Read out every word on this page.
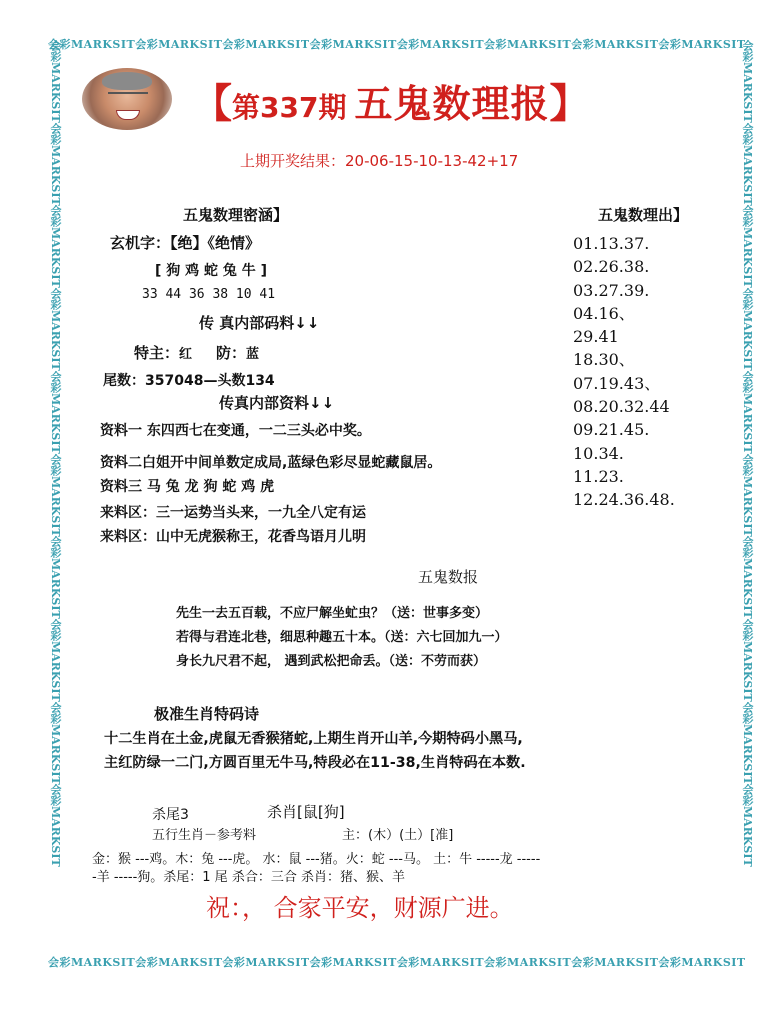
会彩MARKSIT会彩MARKSIT会彩MARKSIT会彩MARKSIT会彩MARKSIT会彩MARKSIT会彩MARKSIT会彩MARKSIT
会彩MARKSIT会彩MARKSIT会彩MARKSIT会彩MARKSIT会彩MARKSIT会彩MARKSIT会彩MARKSIT会彩MARKSIT
会彩MARKSIT
会彩MARKSIT
会彩MARKSIT
会彩MARKSIT
会彩MARKSIT
会彩MARKSIT
会彩MARKSIT
会彩MARKSIT
会彩MARKSIT
会彩MARKSIT
会彩MARKSIT
会彩MARKSIT
会彩MARKSIT
会彩MARKSIT
会彩MARKSIT
会彩MARKSIT
会彩MARKSIT
会彩MARKSIT
会彩MARKSIT
会彩MARKSIT
【第337期 五鬼数理报】
上期开奖结果：20-06-15-10-13-42+17
五鬼数理密涵】
玄机字：【绝】《绝情》
[ 狗 鸡 蛇 兔 牛 ]
33 44 36 38 10 41
传 真内部码料↓↓
特主：红 防：蓝
尾数：357048—头数134
传真内部资料↓↓
资料一 东四西七在变通，一二三头必中奖。
资料二白姐开中间单数定成局,蓝绿色彩尽显蛇藏鼠居。
资料三 马 兔 龙 狗 蛇 鸡 虎
来料区：三一运势当头来，一九全八定有运
来料区：山中无虎猴称王，花香鸟语月儿明
五鬼数理出】
01.13.37.
02.26.38.
03.27.39.
04.16、
29.41
18.30、
07.19.43、
08.20.32.44
09.21.45.
10.34.
11.23.
12.24.36.48.
五鬼数报
先生一去五百载，不应尸解坐虻虫？（送：世事多变）
若得与君连北巷，细思种趣五十本。（送：六七回加九一）
身长九尺君不起， 遇到武松把命丢。（送：不劳而获）
极准生肖特码诗
十二生肖在土金,虎鼠无香猴猪蛇,上期生肖开山羊,今期特码小黑马,
主红防绿一二门,方圆百里无牛马,特段必在11-38,生肖特码在本数.
杀尾3	杀肖[鼠[狗]
五行生肖－参考料	主：(木）(土）[准]
金：猴 ---鸡。木：兔 ---虎。 水：鼠 ---猪。火：蛇 ---马。 土：牛 -----龙 -----
-羊 -----狗。杀尾：1 尾 杀合：三合 杀肖：猪、猴、羊
祝：， 合家平安，财源广进。
